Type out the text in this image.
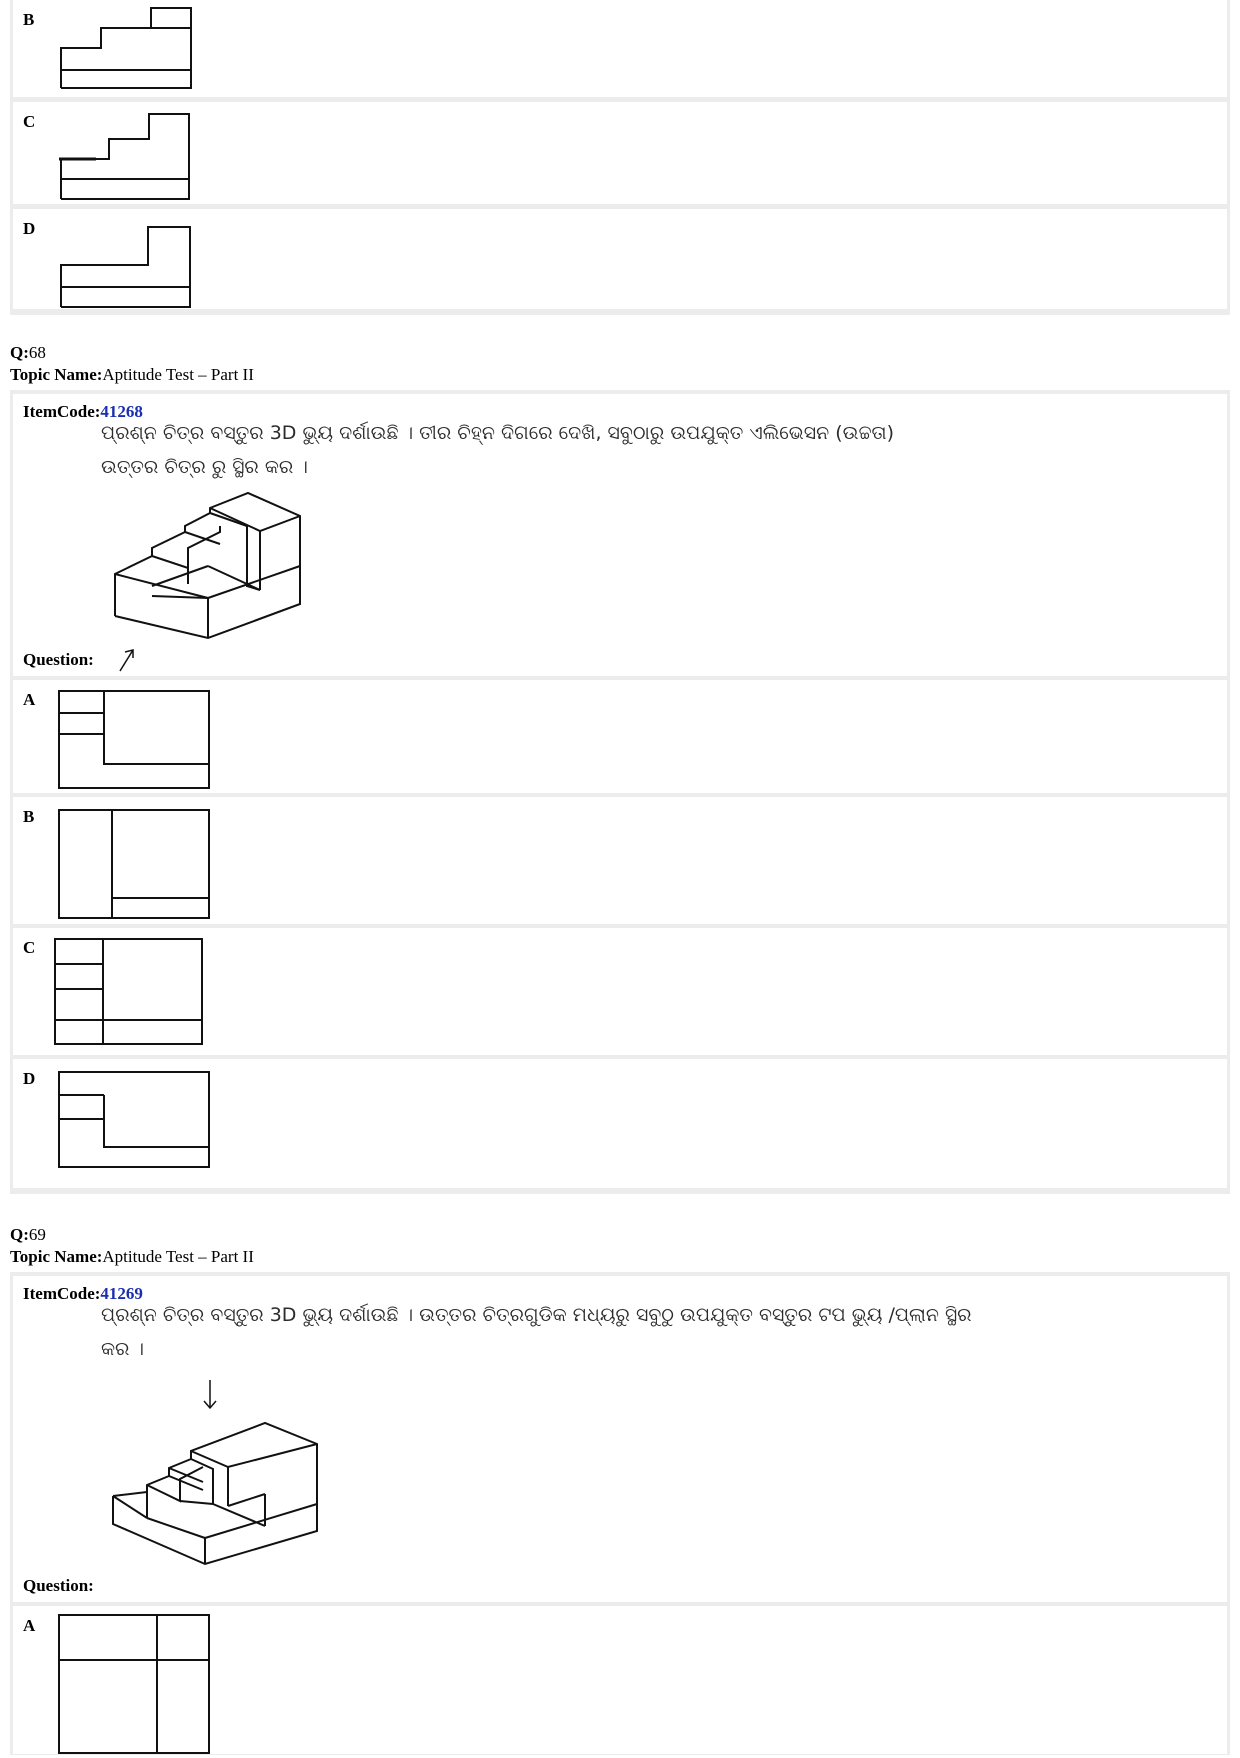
B
C
D
Q:68
Topic Name:Aptitude Test – Part II
ItemCode:41268
ପ୍ରଶ୍ନ ଚିତ୍ର ବସ୍ତୁର 3D ଭ୍ୟୁ ଦର୍ଶାଉଛି । ତୀର ଚିହ୍ନ ଦିଗରେ ଦେଖି, ସବୁଠାରୁ ଉପଯୁକ୍ତ ଏଲିଭେସନ (ଉଚ୍ଚତା)
ଉତ୍ତର ଚିତ୍ର ରୁ ସ୍ଥିର କର ।
Question:
A
B
C
D
Q:69
Topic Name:Aptitude Test – Part II
ItemCode:41269
ପ୍ରଶ୍ନ ଚିତ୍ର ବସ୍ତୁର 3D ଭ୍ୟୁ ଦର୍ଶାଉଛି । ଉତ୍ତର ଚିତ୍ରଗୁଡିକ ମଧ୍ୟରୁ ସବୁଠୁ ଉପଯୁକ୍ତ ବସ୍ତୁର ଟପ ଭ୍ୟୁ /ପ୍ଲାନ ସ୍ଥିର
କର ।
Question:
A
